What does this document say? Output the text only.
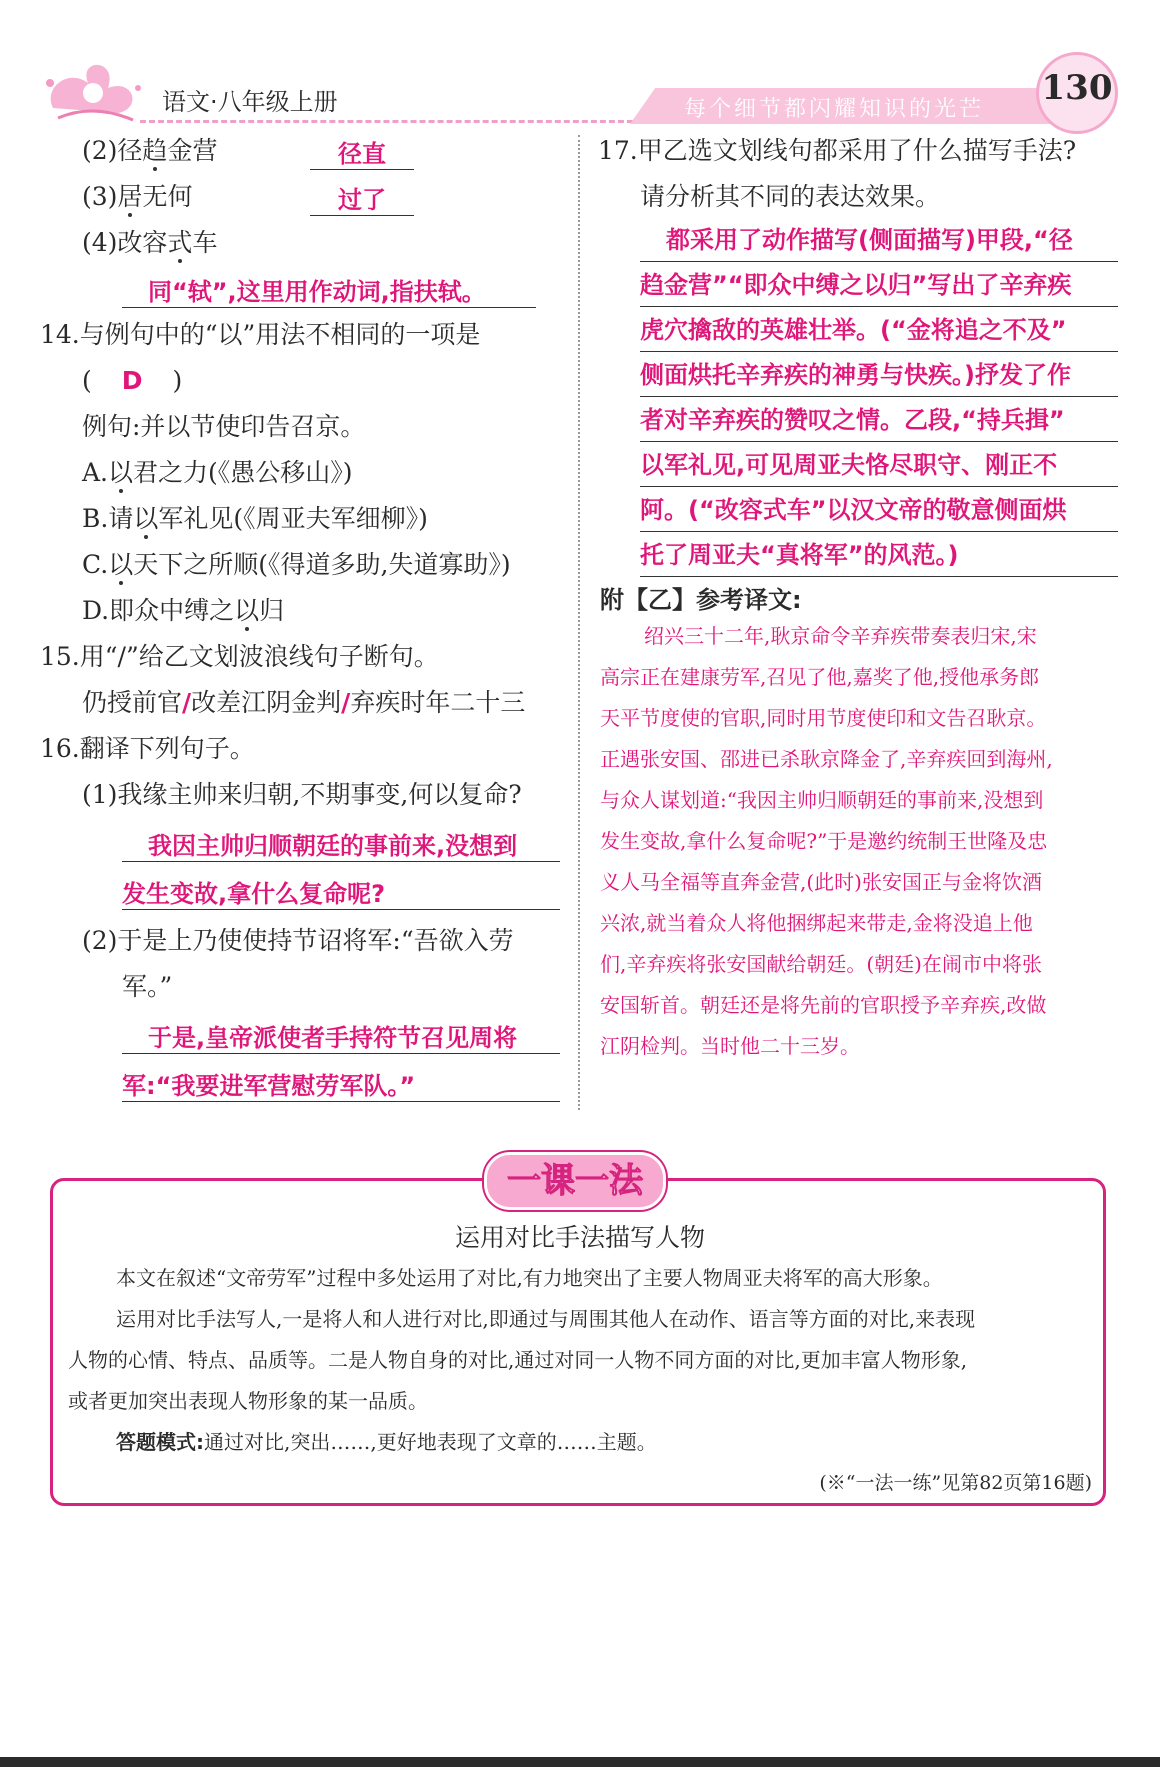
语文·八年级上册	每个细节都闪耀知识的光芒
130
(2)径趋金营	径直
(3)居无何	过了
(4)改容式车
同“轼”,这里用作动词,指扶轼。
14.与例句中的“以”用法不相同的一项是
( D )
例句:并以节使印告召京。
A.以君之力(《愚公移山》)
B.请以军礼见(《周亚夫军细柳》)
C.以天下之所顺(《得道多助,失道寡助》)
D.即众中缚之以归
15.用“/”给乙文划波浪线句子断句。
仍授前官/改差江阴金判/弃疾时年二十三
16.翻译下列句子。
(1)我缘主帅来归朝,不期事变,何以复命?
我因主帅归顺朝廷的事前来,没想到
发生变故,拿什么复命呢?
(2)于是上乃使使持节诏将军:“吾欲入劳
军。”
于是,皇帝派使者手持符节召见周将
军:“我要进军营慰劳军队。”
17.甲乙选文划线句都采用了什么描写手法?
请分析其不同的表达效果。
都采用了动作描写(侧面描写)甲段,“径
趋金营”“即众中缚之以归”写出了辛弃疾
虎穴擒敌的英雄壮举。(“金将追之不及”
侧面烘托辛弃疾的神勇与快疾。)抒发了作
者对辛弃疾的赞叹之情。乙段,“持兵揖”
以军礼见,可见周亚夫恪尽职守、刚正不
阿。(“改容式车”以汉文帝的敬意侧面烘
托了周亚夫“真将军”的风范。)
附【乙】参考译文:
绍兴三十二年,耿京命令辛弃疾带奏表归宋,宋
高宗正在建康劳军,召见了他,嘉奖了他,授他承务郎
天平节度使的官职,同时用节度使印和文告召耿京。
正遇张安国、邵进已杀耿京降金了,辛弃疾回到海州,
与众人谋划道:“我因主帅归顺朝廷的事前来,没想到
发生变故,拿什么复命呢?”于是邀约统制王世隆及忠
义人马全福等直奔金营,(此时)张安国正与金将饮酒
兴浓,就当着众人将他捆绑起来带走,金将没追上他
们,辛弃疾将张安国献给朝廷。(朝廷)在闹市中将张
安国斩首。朝廷还是将先前的官职授予辛弃疾,改做
江阴检判。当时他二十三岁。
一课一法
运用对比手法描写人物

本文在叙述“文帝劳军”过程中多处运用了对比,有力地突出了主要人物周亚夫将军的高大形象。

运用对比手法写人,一是将人和人进行对比,即通过与周围其他人在动作、语言等方面的对比,来表现

人物的心情、特点、品质等。二是人物自身的对比,通过对同一人物不同方面的对比,更加丰富人物形象,

或者更加突出表现人物形象的某一品质。

答题模式:通过对比,突出……,更好地表现了文章的……主题。

(※“一法一练”见第82页第16题)
